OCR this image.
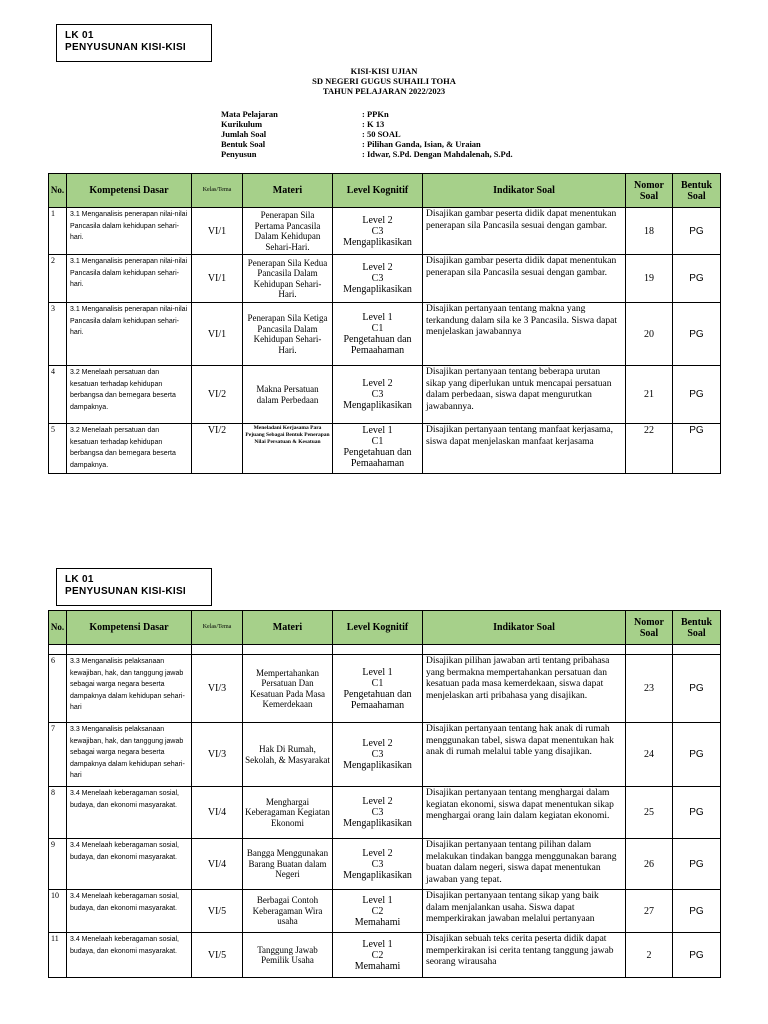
LK 01
PENYUSUNAN KISI-KISI
KISI-KISI UJIAN
SD NEGERI GUGUS SUHAILI TOHA
TAHUN PELAJARAN 2022/2023
Mata Pelajaran	: PPKn
Kurikulum	: K 13
Jumlah Soal	: 50 SOAL
Bentuk Soal	: Pilihan Ganda, Isian, & Uraian
Penyusun	: Idwar, S.Pd. Dengan Mahdalenah, S.Pd.
No.	Kompetensi Dasar	Kelas/Tema	Materi	Level Kognitif	Indikator Soal	Nomor Soal	Bentuk Soal
1	3.1 Menganalisis penerapan nilai-nilai Pancasila dalam kehidupan sehari-hari.	VI/1	Penerapan Sila Pertama Pancasila Dalam Kehidupan Sehari-Hari.	Level 2
C3
Mengaplikasikan	Disajikan gambar peserta didik dapat menentukan penerapan sila Pancasila sesuai dengan gambar.	18	PG
2	3.1 Menganalisis penerapan nilai-nilai Pancasila dalam kehidupan sehari-hari.	VI/1	Penerapan Sila Kedua Pancasila Dalam Kehidupan Sehari-Hari.	Level 2
C3
Mengaplikasikan	Disajikan gambar peserta didik dapat menentukan penerapan sila Pancasila sesuai dengan gambar.	19	PG
3	3.1 Menganalisis penerapan nilai-nilai Pancasila dalam kehidupan sehari-hari.	VI/1	Penerapan Sila Ketiga Pancasila Dalam Kehidupan Sehari-Hari.	Level 1
C1
Pengetahuan dan Pemaahaman	Disajikan pertanyaan tentang makna yang terkandung dalam sila ke 3 Pancasila. Siswa dapat menjelaskan jawabannya	20	PG
4	3.2 Menelaah persatuan dan kesatuan terhadap kehidupan berbangsa dan bernegara beserta dampaknya.	VI/2	Makna Persatuan dalam Perbedaan	Level 2
C3
Mengaplikasikan	Disajikan pertanyaan tentang beberapa urutan sikap yang diperlukan untuk mencapai persatuan dalam perbedaan, siswa dapat mengurutkan jawabannya.	21	PG
5	3.2 Menelaah persatuan dan kesatuan terhadap kehidupan berbangsa dan bernegara beserta dampaknya.	VI/2	Meneladani Kerjasama Para Pejuang Sebagai Bentuk Penerapan Nilai Persatuan & Kesatuan	Level 1
C1
Pengetahuan dan Pemaahaman	Disajikan pertanyaan tentang manfaat kerjasama, siswa dapat menjelaskan manfaat kerjasama	22	PG
LK 01
PENYUSUNAN KISI-KISI
No.	Kompetensi Dasar	Kelas/Tema	Materi	Level Kognitif	Indikator Soal	Nomor Soal	Bentuk Soal

6	3.3 Menganalisis pelaksanaan kewajiban, hak, dan tanggung jawab sebagai warga negara beserta dampaknya dalam kehidupan sehari-hari	VI/3	Mempertahankan Persatuan Dan Kesatuan Pada Masa Kemerdekaan	Level 1
C1
Pengetahuan dan Pemaahaman	Disajikan pilihan jawaban arti tentang pribahasa yang bermakna mempertahankan persatuan dan kesatuan pada masa kemerdekaan, siswa dapat menjelaskan arti pribahasa yang disajikan.	23	PG
7	3.3 Menganalisis pelaksanaan kewajiban, hak, dan tanggung jawab sebagai warga negara beserta dampaknya dalam kehidupan sehari-hari	VI/3	Hak Di Rumah, Sekolah, & Masyarakat	Level 2
C3
Mengaplikasikan	Disajikan pertanyaan tentang hak anak di rumah menggunakan tabel, siswa dapat menentukan hak anak di rumah melalui table yang disajikan.	24	PG
8	3.4 Menelaah keberagaman sosial, budaya, dan ekonomi masyarakat.	VI/4	Menghargai Keberagaman Kegiatan Ekonomi	Level 2
C3
Mengaplikasikan	Disajikan pertanyaan tentang menghargai dalam kegiatan ekonomi, siswa dapat menentukan sikap menghargai orang lain dalam kegiatan ekonomi.	25	PG
9	3.4 Menelaah keberagaman sosial, budaya, dan ekonomi masyarakat.	VI/4	Bangga Menggunakan Barang Buatan dalam Negeri	Level 2
C3
Mengaplikasikan	Disajikan pertanyaan tentang pilihan dalam melakukan tindakan bangga menggunakan barang buatan dalam negeri, siswa dapat menentukan jawaban yang tepat.	26	PG
10	3.4 Menelaah keberagaman sosial, budaya, dan ekonomi masyarakat.	VI/5	Berbagai Contoh Keberagaman Wira usaha	Level 1
C2
Memahami	Disajikan pertanyaan tentang sikap yang baik dalam menjalankan usaha. Siswa dapat memperkirakan jawaban melalui pertanyaan	27	PG
11	3.4 Menelaah keberagaman sosial, budaya, dan ekonomi masyarakat.	VI/5	Tanggung Jawab Pemilik Usaha	Level 1
C2
Memahami	Disajikan sebuah teks cerita peserta didik dapat memperkirakan isi cerita tentang tanggung jawab seorang wirausaha	2	PG
